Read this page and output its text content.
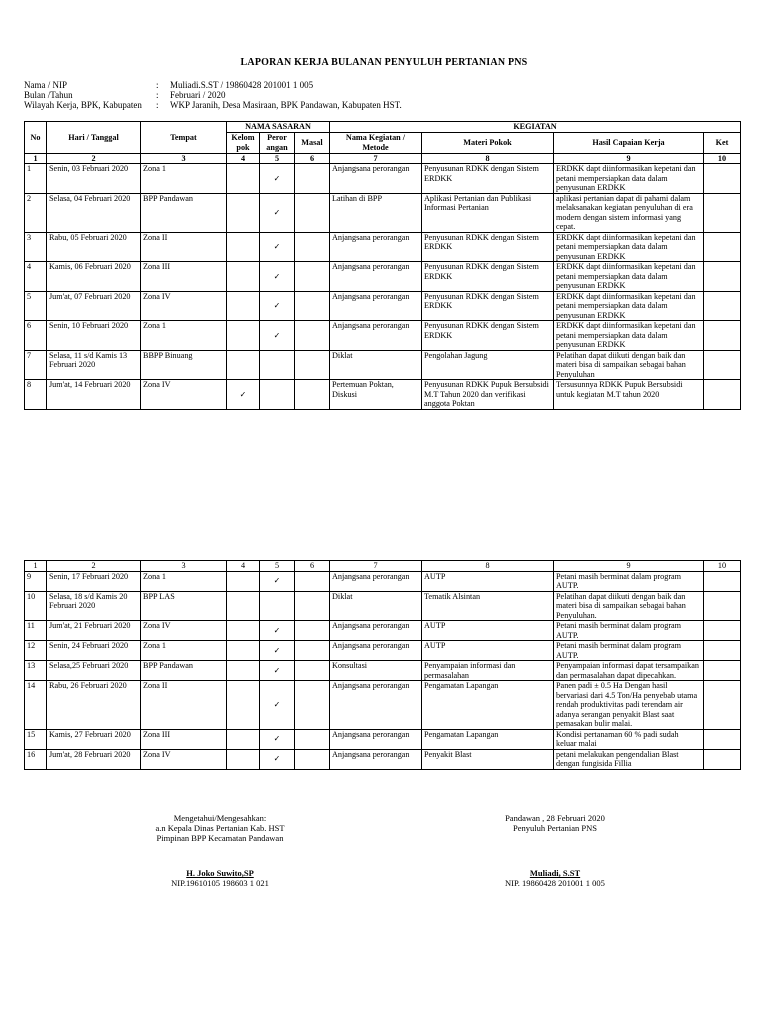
LAPORAN KERJA BULANAN PENYULUH PERTANIAN PNS
Nama / NIP	:	Muliadi.S.ST / 19860428 201001 1 005
Bulan /Tahun	:	Februari / 2020
Wilayah Kerja, BPK, Kabupaten	:	WKP Jaranih, Desa Masiraan, BPK Pandawan, Kabupaten HST.
No	Hari / Tanggal	Tempat	NAMA SASARAN			KEGIATAN			
			Kelom pok	Peror angan	Masal	Nama Kegiatan / Metode	Materi Pokok	Hasil Capaian Kerja	Ket
1	2	3	4	5	6	7	8	9	10
1	Senin, 03 Februari 2020	Zona 1		✓		Anjangsana perorangan	Penyusunan RDKK dengan Sistem ERDKK	ERDKK dapt diinformasikan kepetani dan petani mempersiapkan data dalam penyusunan ERDKK	
2	Selasa, 04 Februari 2020	BPP Pandawan		✓		Latihan di BPP	Aplikasi Pertanian dan Publikasi Informasi Pertanian	aplikasi pertanian dapat di pahami dalam melaksanakan kegiatan penyuluhan di era modern dengan sistem informasi yang cepat.	
3	Rabu, 05 Februari 2020	Zona II		✓		Anjangsana perorangan	Penyusunan RDKK dengan Sistem ERDKK	ERDKK dapt diinformasikan kepetani dan petani mempersiapkan data dalam penyusunan ERDKK	
4	Kamis, 06 Februari 2020	Zona III		✓		Anjangsana perorangan	Penyusunan RDKK dengan Sistem ERDKK	ERDKK dapt diinformasikan kepetani dan petani mempersiapkan data dalam penyusunan ERDKK	
5	Jum'at, 07 Februari 2020	Zona IV		✓		Anjangsana perorangan	Penyusunan RDKK dengan Sistem ERDKK	ERDKK dapt diinformasikan kepetani dan petani mempersiapkan data dalam penyusunan ERDKK	
6	Senin, 10 Februari 2020	Zona 1		✓		Anjangsana perorangan	Penyusunan RDKK dengan Sistem ERDKK	ERDKK dapt diinformasikan kepetani dan petani mempersiapkan data dalam penyusunan ERDKK	
7	Selasa, 11 s/d Kamis 13 Februari 2020	BBPP Binuang				Diklat	Pengolahan Jagung	Pelatihan dapat diikuti dengan baik dan materi bisa di sampaikan sebagai bahan Penyuluhan	
8	Jum'at, 14 Februari 2020	Zona IV	✓			Pertemuan Poktan, Diskusi	Penyusunan RDKK Pupuk Bersubsidi M.T Tahun 2020 dan verifikasi anggota Poktan	Tersusunnya RDKK Pupuk Bersubsidi untuk kegiatan M.T tahun 2020	
1	2	3	4	5	6	7	8	9	10
9	Senin, 17 Februari 2020	Zona 1		✓		Anjangsana perorangan	AUTP	Petani masih berminat dalam program AUTP.	
10	Selasa, 18 s/d Kamis 20 Februari 2020	BPP LAS				Diklat	Tematik Alsintan	Pelatihan dapat diikuti dengan baik dan materi bisa di sampaikan sebagai bahan Penyuluhan.	
11	Jum'at, 21 Februari 2020	Zona IV		✓		Anjangsana perorangan	AUTP	Petani masih berminat dalam program AUTP.	
12	Senin, 24 Februari 2020	Zona 1		✓		Anjangsana perorangan	AUTP	Petani masih berminat dalam program AUTP.	
13	Selasa,25 Februari 2020	BPP Pandawan		✓		Konsultasi	Penyampaian informasi dan permasalahan	Penyampaian informasi dapat tersampaikan dan permasalahan dapat dipecahkan.	
14	Rabu, 26 Februari 2020	Zona II		✓		Anjangsana perorangan	Pengamatan Lapangan	Panen padi ± 0.5 Ha Dengan hasil bervariasi dari 4.5 Ton/Ha penyebab utama rendah produktivitas padi terendam air adanya serangan penyakit Blast saat pemasakan bulir malai.	
15	Kamis, 27 Februari 2020	Zona III		✓		Anjangsana perorangan	Pengamatan Lapangan	Kondisi pertanaman 60 % padi sudah keluar malai	
16	Jum'at, 28 Februari 2020	Zona IV		✓		Anjangsana perorangan	Penyakit Blast	petani melakukan pengendalian Blast dengan fungisida Fillia	
Mengetahui/Mengesahkan:
a.n Kepala Dinas Pertanian Kab. HST
Pimpinan BPP Kecamatan Pandawan
H. Joko Suwito,SP
NIP.19610105 198603 1 021
Pandawan , 28 Februari 2020
Penyuluh Pertanian PNS
Muliadi, S.ST
NIP. 19860428 201001 1 005
